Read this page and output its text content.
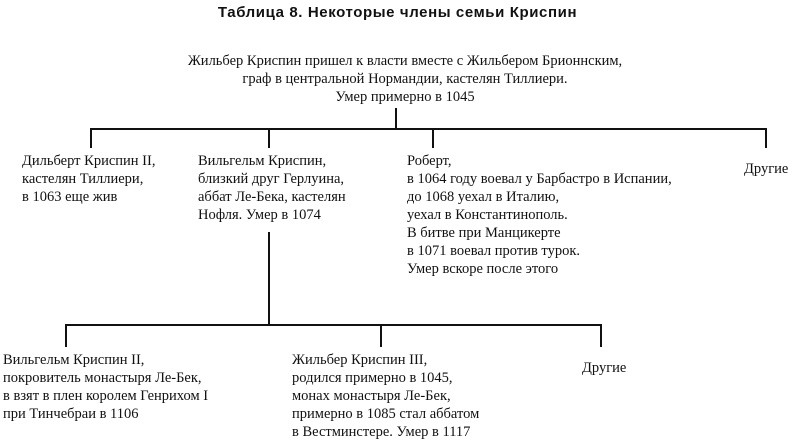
Таблица 8. Некоторые члены семьи Криспин
Жильбер Криспин пришел к власти вместе с Жильбером Брионнским,
граф в центральной Нормандии, кастелян Тиллиери.
Умер примерно в 1045
Дильберт Криспин II,
кастелян Тиллиери,
в 1063 еще жив
Вильгельм Криспин,
близкий друг Герлуина,
аббат Ле-Бека, кастелян
Нофля. Умер в 1074
Роберт,
в 1064 году воевал у Барбастро в Испании,
до 1068 уехал в Италию,
уехал в Константинополь.
В битве при Манцикерте
в 1071 воевал против турок.
Умер вскоре после этого
Другие
Вильгельм Криспин II,
покровитель монастыря Ле-Бек,
в взят в плен королем Генрихом I
при Тинчебраи в 1106
Жильбер Криспин III,
родился примерно в 1045,
монах монастыря Ле-Бек,
примерно в 1085 стал аббатом
в Вестминстере. Умер в 1117
Другие
